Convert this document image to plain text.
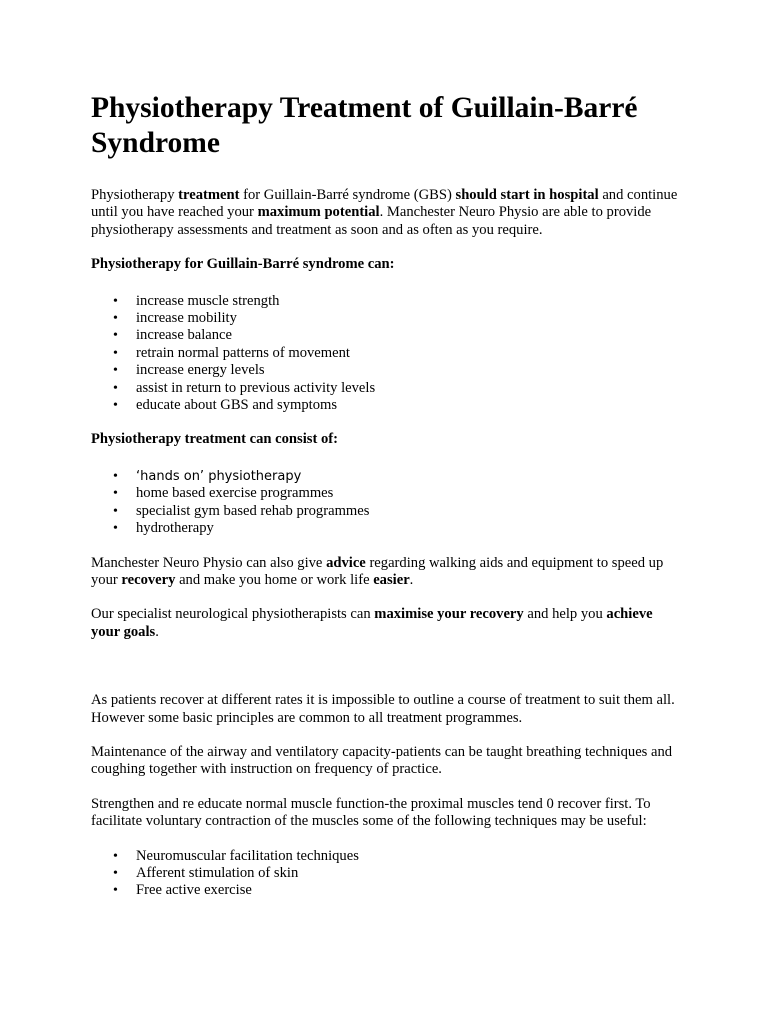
Physiotherapy Treatment of Guillain-Barré Syndrome

Physiotherapy treatment for Guillain-Barré syndrome (GBS) should start in hospital and continue until you have reached your maximum potential. Manchester Neuro Physio are able to provide physiotherapy assessments and treatment as soon and as often as you require.

Physiotherapy for Guillain-Barré syndrome can:

• increase muscle strength
• increase mobility
• increase balance
• retrain normal patterns of movement
• increase energy levels
• assist in return to previous activity levels
• educate about GBS and symptoms

Physiotherapy treatment can consist of:

• ‘hands on’ physiotherapy
• home based exercise programmes
• specialist gym based rehab programmes
• hydrotherapy

Manchester Neuro Physio can also give advice regarding walking aids and equipment to speed up your recovery and make you home or work life easier.

Our specialist neurological physiotherapists can maximise your recovery and help you achieve your goals.

As patients recover at different rates it is impossible to outline a course of treatment to suit them all. However some basic principles are common to all treatment programmes.

Maintenance of the airway and ventilatory capacity-patients can be taught breathing techniques and coughing together with instruction on frequency of practice.

Strengthen and re educate normal muscle function-the proximal muscles tend 0 recover first. To facilitate voluntary contraction of the muscles some of the following techniques may be useful:

• Neuromuscular facilitation techniques
• Afferent stimulation of skin
• Free active exercise
